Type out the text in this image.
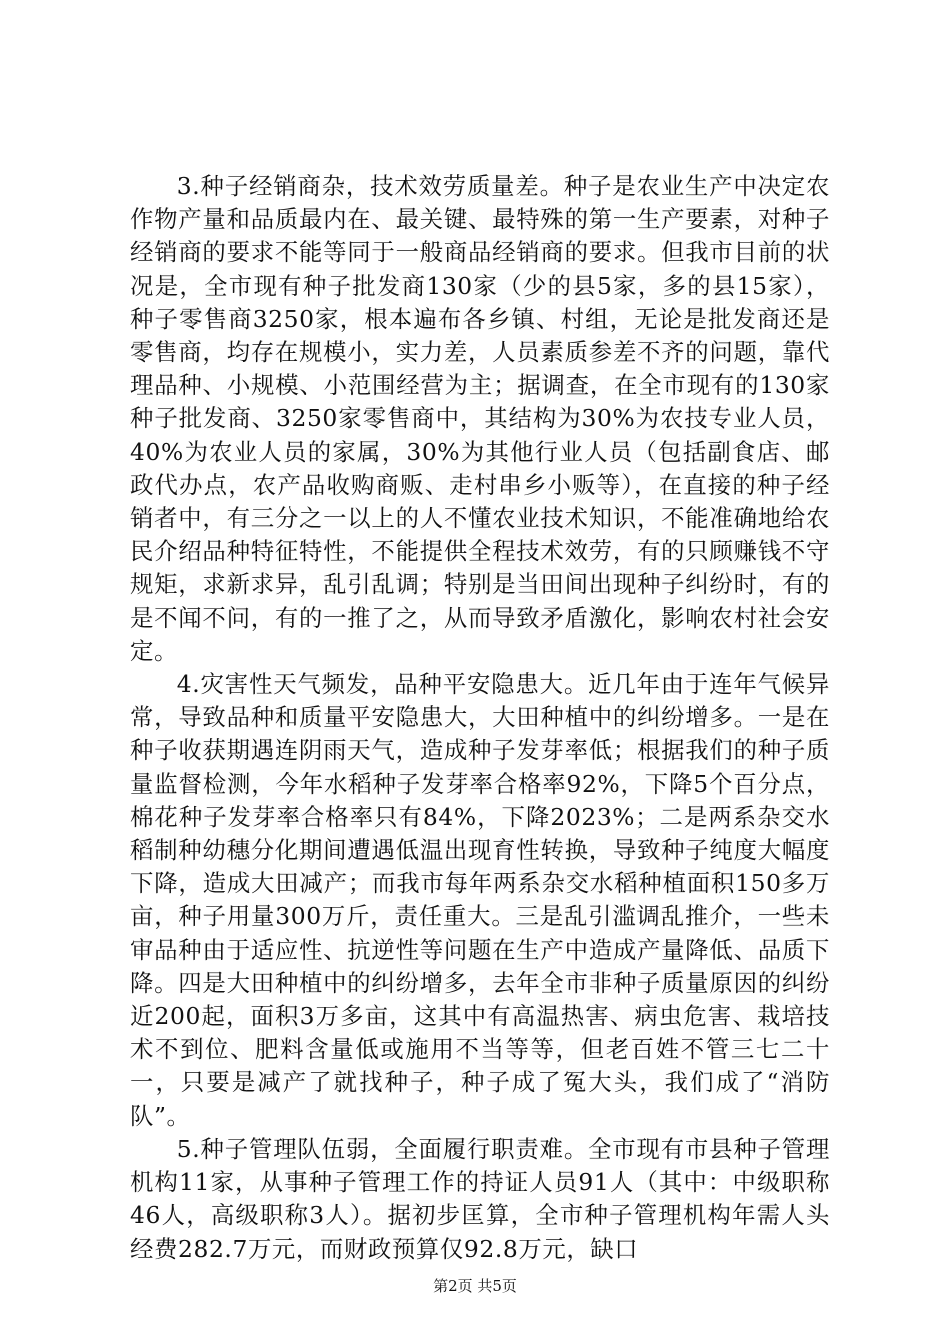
3.种子经销商杂，技术效劳质量差。种子是农业生产中决定农作物产量和品质最内在、最关键、最特殊的第一生产要素，对种子经销商的要求不能等同于一般商品经销商的要求。但我市目前的状况是，全市现有种子批发商130家（少的县5家，多的县15家），种子零售商3250家，根本遍布各乡镇、村组，无论是批发商还是零售商，均存在规模小，实力差，人员素质参差不齐的问题，靠代理品种、小规模、小范围经营为主；据调查，在全市现有的130家种子批发商、3250家零售商中，其结构为30%为农技专业人员，40%为农业人员的家属，30%为其他行业人员（包括副食店、邮政代办点，农产品收购商贩、走村串乡小贩等），在直接的种子经销者中，有三分之一以上的人不懂农业技术知识，不能准确地给农民介绍品种特征特性，不能提供全程技术效劳，有的只顾赚钱不守规矩，求新求异，乱引乱调；特别是当田间出现种子纠纷时，有的是不闻不问，有的一推了之，从而导致矛盾激化，影响农村社会安定。

4.灾害性天气频发，品种平安隐患大。近几年由于连年气候异常，导致品种和质量平安隐患大，大田种植中的纠纷增多。一是在种子收获期遇连阴雨天气，造成种子发芽率低；根据我们的种子质量监督检测，今年水稻种子发芽率合格率92%，下降5个百分点，棉花种子发芽率合格率只有84%，下降2023%；二是两系杂交水稻制种幼穗分化期间遭遇低温出现育性转换，导致种子纯度大幅度下降，造成大田减产；而我市每年两系杂交水稻种植面积150多万亩，种子用量300万斤，责任重大。三是乱引滥调乱推介，一些未审品种由于适应性、抗逆性等问题在生产中造成产量降低、品质下降。四是大田种植中的纠纷增多，去年全市非种子质量原因的纠纷近200起，面积3万多亩，这其中有高温热害、病虫危害、栽培技术不到位、肥料含量低或施用不当等等，但老百姓不管三七二十一，只要是减产了就找种子，种子成了冤大头，我们成了“消防队”。

5.种子管理队伍弱，全面履行职责难。全市现有市县种子管理机构11家，从事种子管理工作的持证人员91人（其中：中级职称46人，高级职称3人）。据初步匡算，全市种子管理机构年需人头经费282.7万元，而财政预算仅92.8万元，缺口

第2页 共5页
